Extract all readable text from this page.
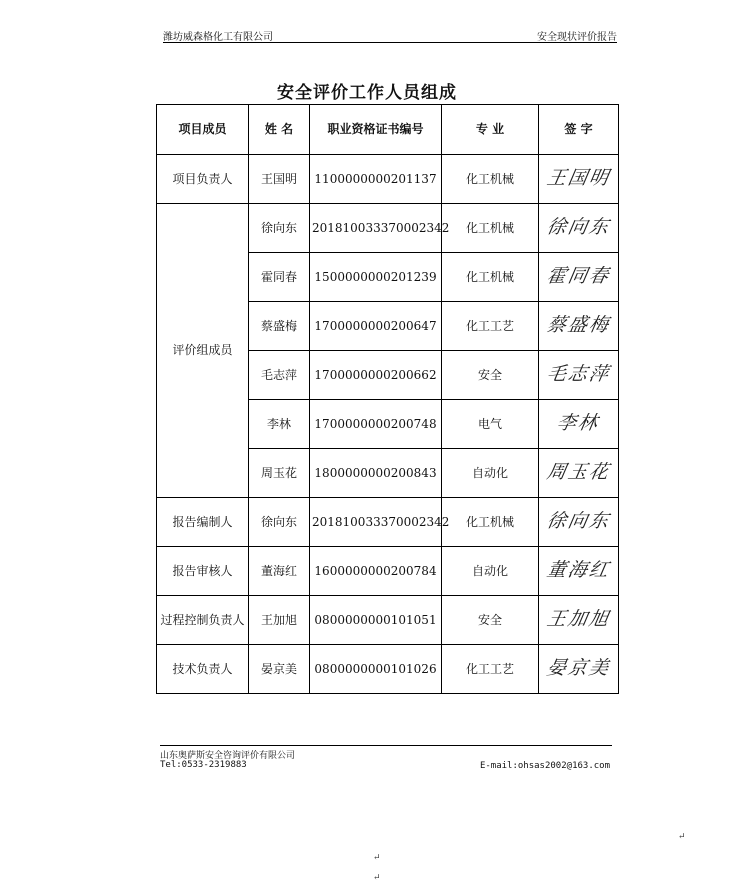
潍坊威森格化工有限公司	安全现状评价报告
安全评价工作人员组成
项目成员	姓 名	职业资格证书编号	专 业	签 字
项目负责人	王国明	1100000000201137	化工机械	王国明
评价组成员	徐向东	201810033370002342	化工机械	徐向东
	霍同春	1500000000201239	化工机械	霍同春
	蔡盛梅	1700000000200647	化工工艺	蔡盛梅
	毛志萍	1700000000200662	安全	毛志萍
	李林	1700000000200748	电气	李林
	周玉花	1800000000200843	自动化	周玉花
报告编制人	徐向东	201810033370002342	化工机械	徐向东
报告审核人	董海红	1600000000200784	自动化	董海红
过程控制负责人	王加旭	0800000000101051	安全	王加旭
技术负责人	晏京美	0800000000101026	化工工艺	晏京美
山东奥萨斯安全咨询评价有限公司
Tel:0533-2319883	E-mail:ohsas2002@163.com
↵
↵
↵
